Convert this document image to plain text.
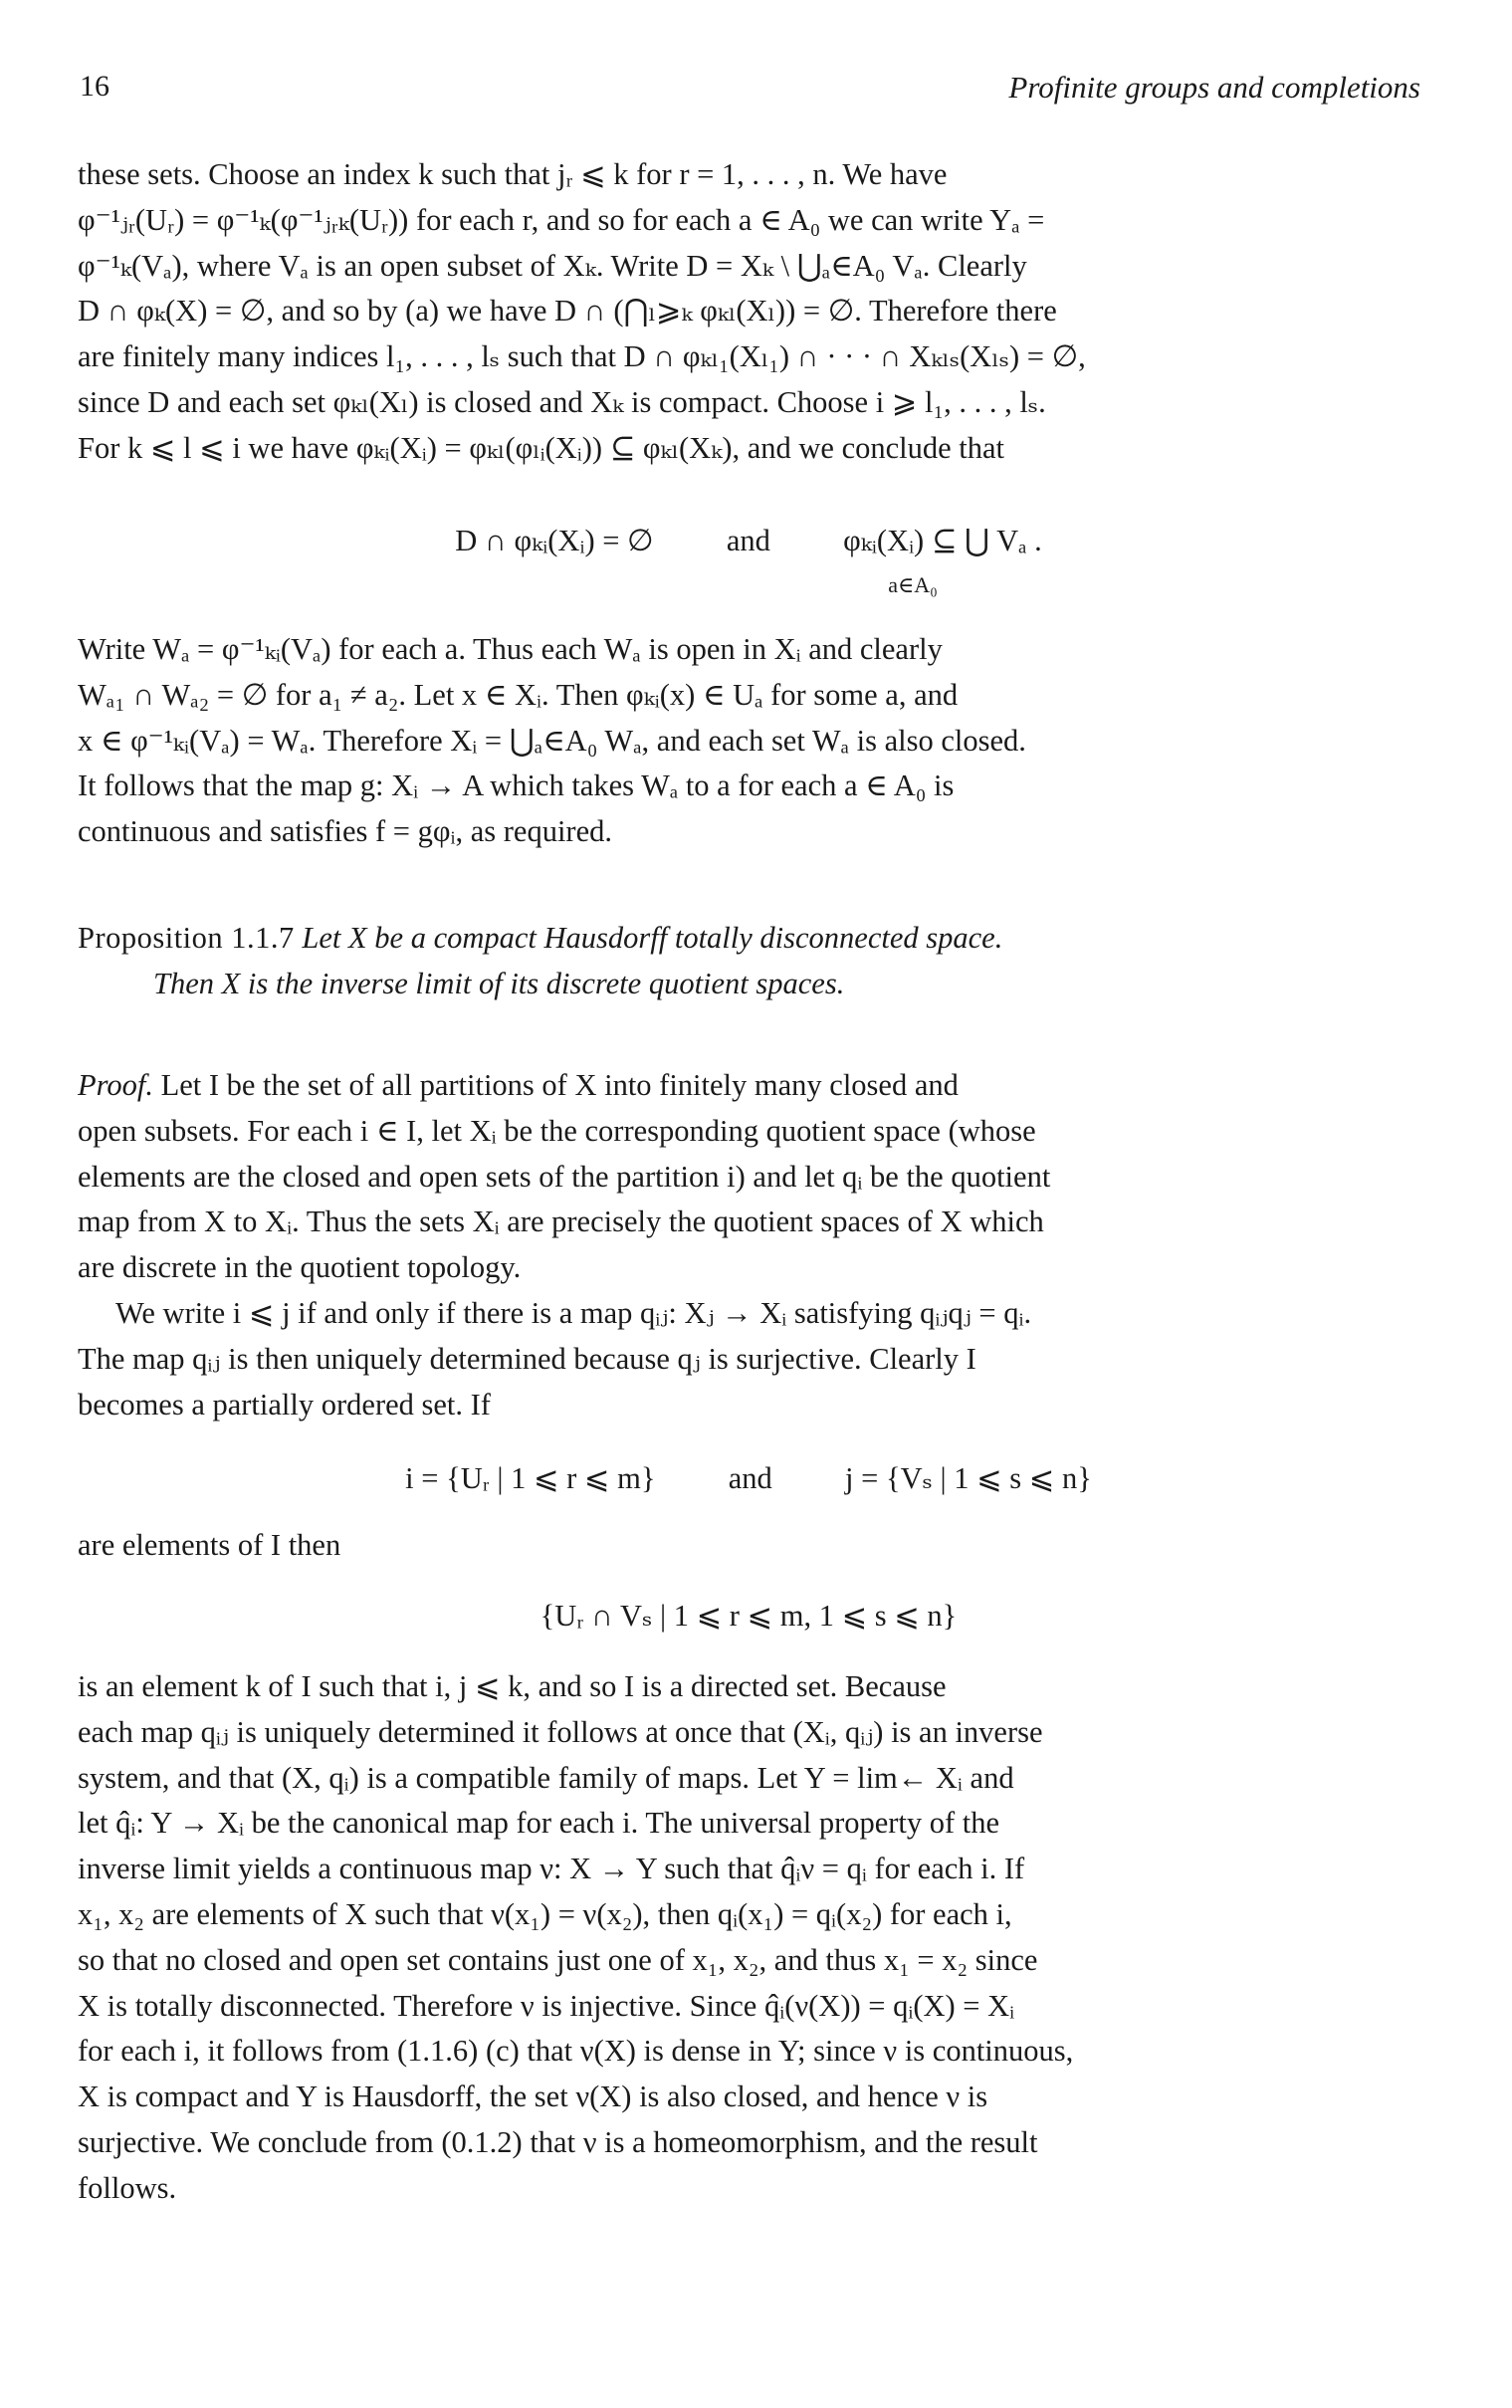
16	Profinite groups and completions
these sets. Choose an index k such that jᵣ ⩽ k for r = 1, . . . , n. We have
φ⁻¹ⱼᵣ(Uᵣ) = φ⁻¹ₖ(φ⁻¹ⱼᵣₖ(Uᵣ)) for each r, and so for each a ∈ A₀ we can write Yₐ =
φ⁻¹ₖ(Vₐ), where Vₐ is an open subset of Xₖ. Write D = Xₖ \ ⋃ₐ∈A₀ Vₐ. Clearly
D ∩ φₖ(X) = ∅, and so by (a) we have D ∩ (⋂ₗ⩾ₖ φₖₗ(Xₗ)) = ∅. Therefore there
are finitely many indices l₁, . . . , lₛ such that D ∩ φₖₗ₁(Xₗ₁) ∩ · · · ∩ Xₖₗₛ(Xₗₛ) = ∅,
since D and each set φₖₗ(Xₗ) is closed and Xₖ is compact. Choose i ⩾ l₁, . . . , lₛ.
For k ⩽ l ⩽ i we have φₖᵢ(Xᵢ) = φₖₗ(φₗᵢ(Xᵢ)) ⊆ φₖₗ(Xₖ), and we conclude that
D ∩ φₖᵢ(Xᵢ) = ∅ and φₖᵢ(Xᵢ) ⊆ ⋃ Vₐ .
a∈A₀
Write Wₐ = φ⁻¹ₖᵢ(Vₐ) for each a. Thus each Wₐ is open in Xᵢ and clearly
Wₐ₁ ∩ Wₐ₂ = ∅ for a₁ ≠ a₂. Let x ∈ Xᵢ. Then φₖᵢ(x) ∈ Uₐ for some a, and
x ∈ φ⁻¹ₖᵢ(Vₐ) = Wₐ. Therefore Xᵢ = ⋃ₐ∈A₀ Wₐ, and each set Wₐ is also closed.
It follows that the map g: Xᵢ → A which takes Wₐ to a for each a ∈ A₀ is
continuous and satisfies f = gφᵢ, as required.
Proposition 1.1.7 Let X be a compact Hausdorff totally disconnected space.
Then X is the inverse limit of its discrete quotient spaces.
Proof. Let I be the set of all partitions of X into finitely many closed and
open subsets. For each i ∈ I, let Xᵢ be the corresponding quotient space (whose
elements are the closed and open sets of the partition i) and let qᵢ be the quotient
map from X to Xᵢ. Thus the sets Xᵢ are precisely the quotient spaces of X which
are discrete in the quotient topology.
We write i ⩽ j if and only if there is a map qᵢⱼ: Xⱼ → Xᵢ satisfying qᵢⱼqⱼ = qᵢ.
The map qᵢⱼ is then uniquely determined because qⱼ is surjective. Clearly I
becomes a partially ordered set. If
i = {Uᵣ | 1 ⩽ r ⩽ m} and j = {Vₛ | 1 ⩽ s ⩽ n}
are elements of I then
{Uᵣ ∩ Vₛ | 1 ⩽ r ⩽ m, 1 ⩽ s ⩽ n}
is an element k of I such that i, j ⩽ k, and so I is a directed set. Because
each map qᵢⱼ is uniquely determined it follows at once that (Xᵢ, qᵢⱼ) is an inverse
system, and that (X, qᵢ) is a compatible family of maps. Let Y = lim← Xᵢ and
let q̂ᵢ: Y → Xᵢ be the canonical map for each i. The universal property of the
inverse limit yields a continuous map ν: X → Y such that q̂ᵢν = qᵢ for each i. If
x₁, x₂ are elements of X such that ν(x₁) = ν(x₂), then qᵢ(x₁) = qᵢ(x₂) for each i,
so that no closed and open set contains just one of x₁, x₂, and thus x₁ = x₂ since
X is totally disconnected. Therefore ν is injective. Since q̂ᵢ(ν(X)) = qᵢ(X) = Xᵢ
for each i, it follows from (1.1.6) (c) that ν(X) is dense in Y; since ν is continuous,
X is compact and Y is Hausdorff, the set ν(X) is also closed, and hence ν is
surjective. We conclude from (0.1.2) that ν is a homeomorphism, and the result
follows.
